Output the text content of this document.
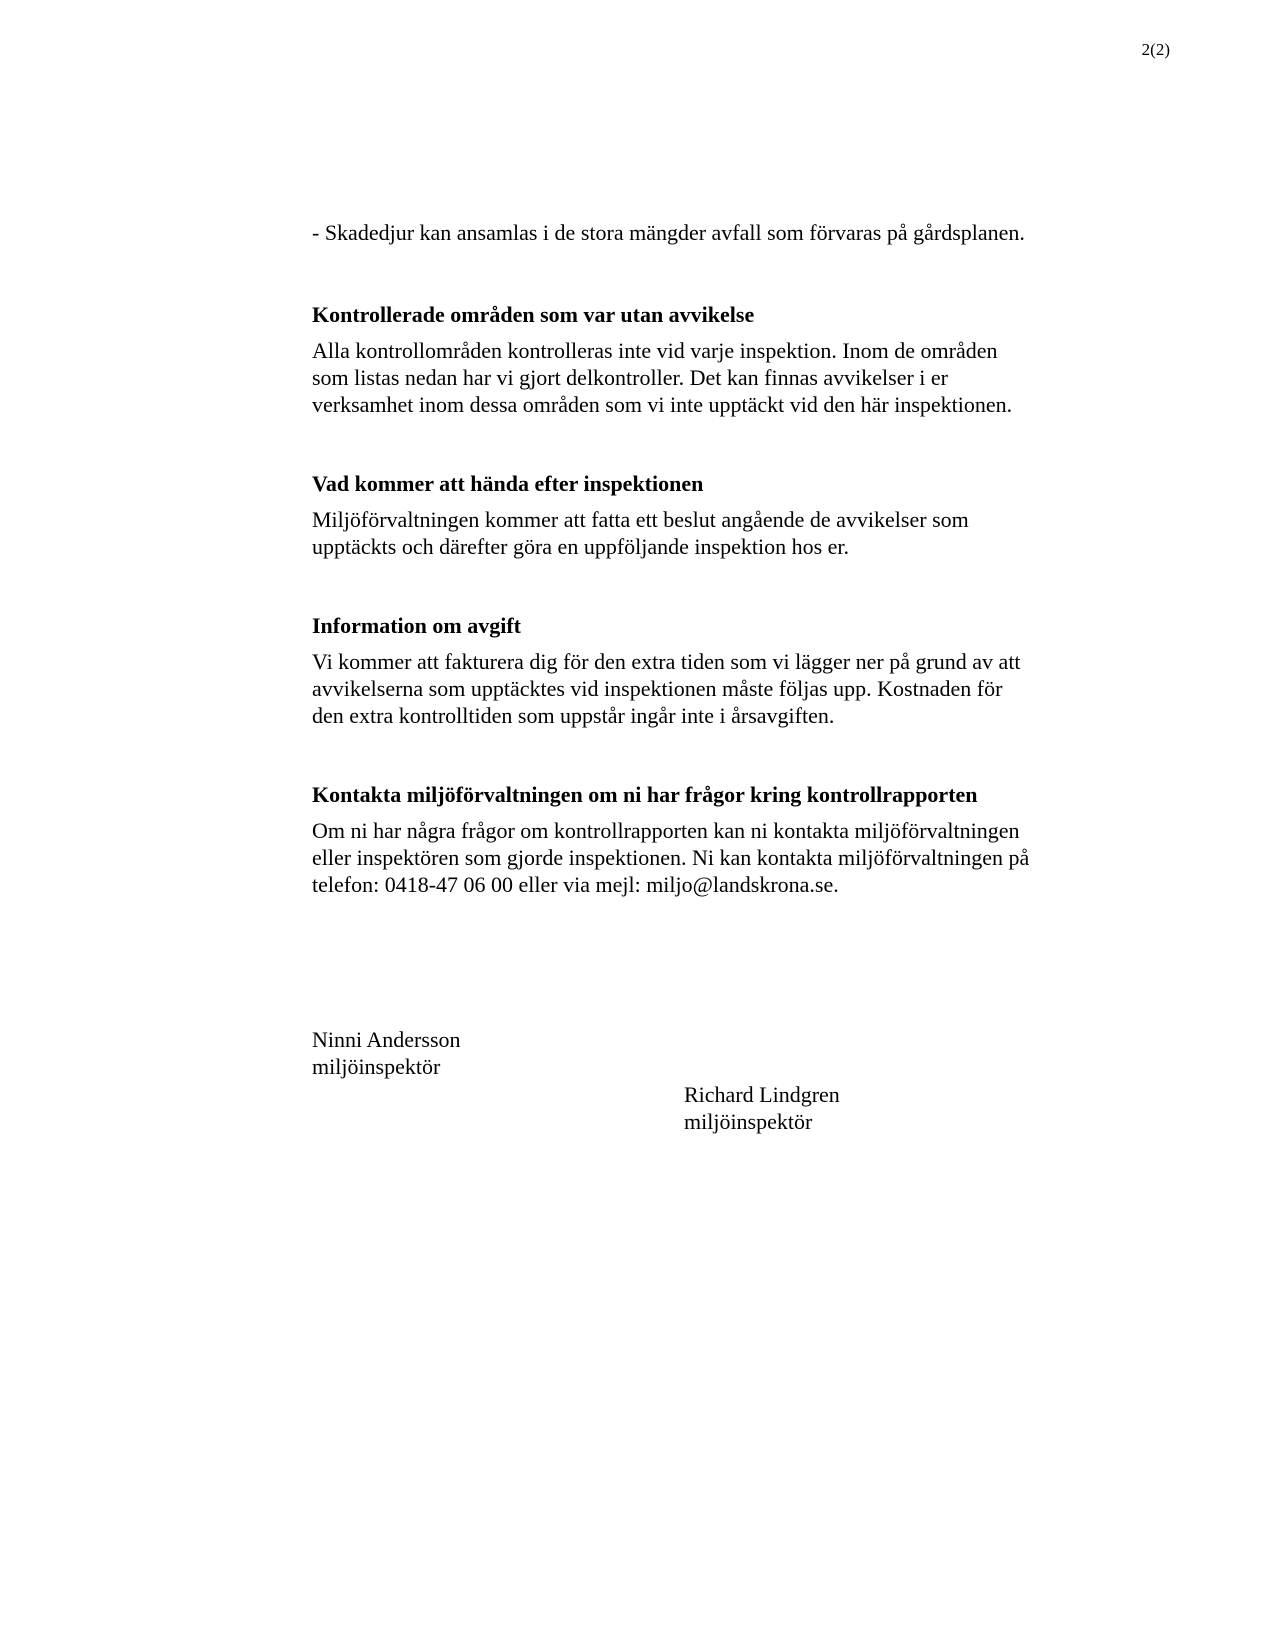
2(2)

- Skadedjur kan ansamlas i de stora mängder avfall som förvaras på gårdsplanen.

Kontrollerade områden som var utan avvikelse
Alla kontrollområden kontrolleras inte vid varje inspektion. Inom de områden
som listas nedan har vi gjort delkontroller. Det kan finnas avvikelser i er
verksamhet inom dessa områden som vi inte upptäckt vid den här inspektionen.
Vad kommer att hända efter inspektionen
Miljöförvaltningen kommer att fatta ett beslut angående de avvikelser som
upptäckts och därefter göra en uppföljande inspektion hos er.
Information om avgift
Vi kommer att fakturera dig för den extra tiden som vi lägger ner på grund av att
avvikelserna som upptäcktes vid inspektionen måste följas upp. Kostnaden för
den extra kontrolltiden som uppstår ingår inte i årsavgiften.
Kontakta miljöförvaltningen om ni har frågor kring kontrollrapporten
Om ni har några frågor om kontrollrapporten kan ni kontakta miljöförvaltningen
eller inspektören som gjorde inspektionen. Ni kan kontakta miljöförvaltningen på
telefon: 0418-47 06 00 eller via mejl: miljo@landskrona.se.
Ninni Andersson
miljöinspektör
Richard Lindgren
miljöinspektör
